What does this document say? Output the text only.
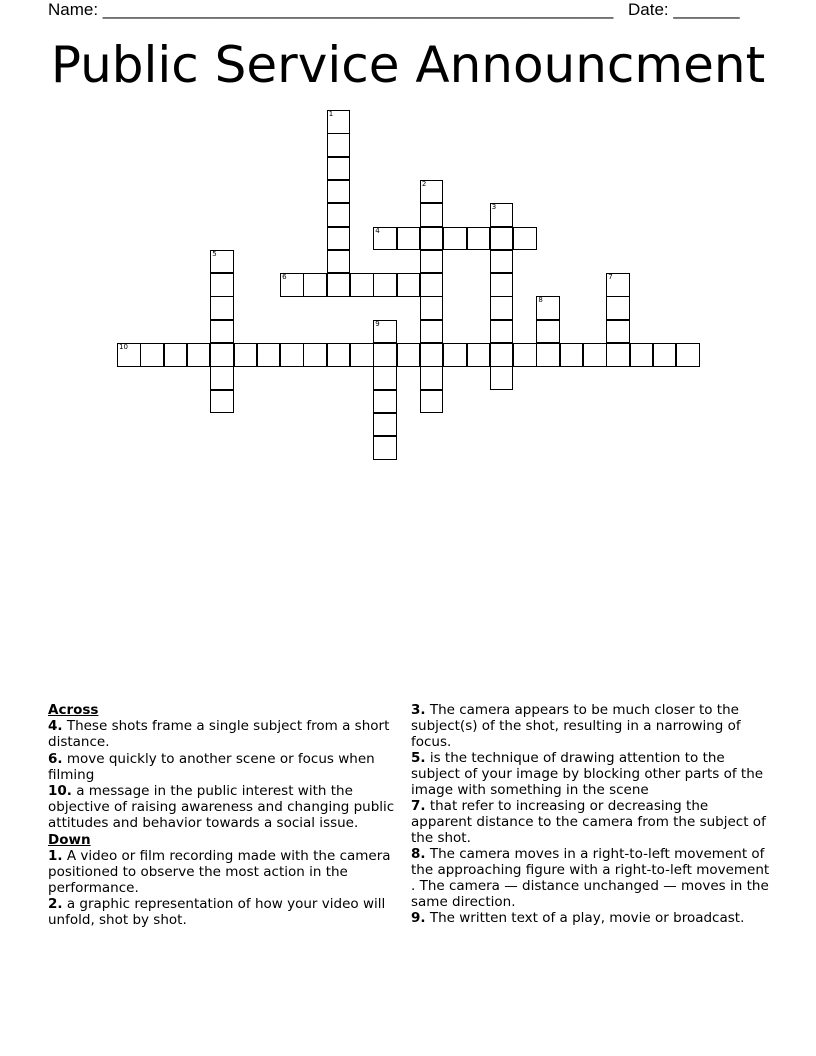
Name: ______________________________________________________ Date: _______
Public Service Announcment
1
2
3
4
5
6	7
8
9
10
Across
4. These shots frame a single subject from a short distance.
6. move quickly to another scene or focus when filming
10. a message in the public interest with the objective of raising awareness and changing public attitudes and behavior towards a social issue.
Down
1. A video or film recording made with the camera positioned to observe the most action in the performance.
2. a graphic representation of how your video will unfold, shot by shot.
3. The camera appears to be much closer to the subject(s) of the shot, resulting in a narrowing of focus.
5. is the technique of drawing attention to the subject of your image by blocking other parts of the image with something in the scene
7. that refer to increasing or decreasing the apparent distance to the camera from the subject of the shot.
8. The camera moves in a right-to-left movement of the approaching figure with a right-to-left movement . The camera — distance unchanged — moves in the same direction.
9. The written text of a play, movie or broadcast.
